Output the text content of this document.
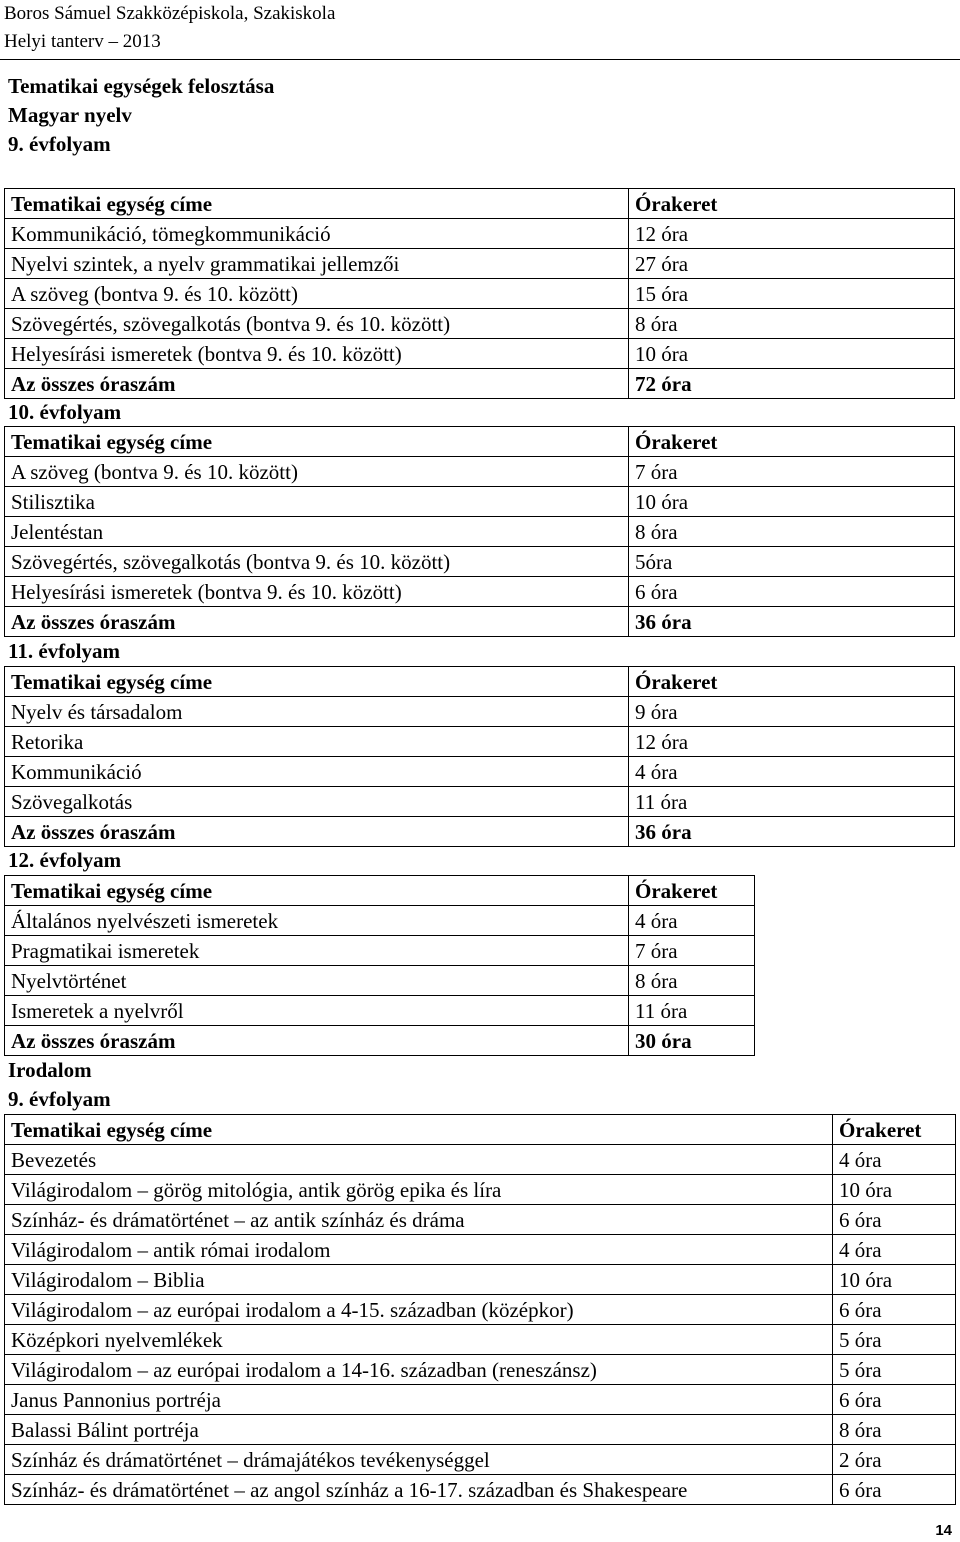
Boros Sámuel Szakközépiskola, Szakiskola
Helyi tanterv – 2013
Tematikai egységek felosztása
Magyar nyelv
9. évfolyam
Tematikai egység címe	Órakeret
Kommunikáció, tömegkommunikáció	12 óra
Nyelvi szintek, a nyelv grammatikai jellemzői	27 óra
A szöveg (bontva 9. és 10. között)	15 óra
Szövegértés, szövegalkotás (bontva 9. és 10. között)	8 óra
Helyesírási ismeretek (bontva 9. és 10. között)	10 óra
Az összes óraszám	72 óra
10. évfolyam
Tematikai egység címe	Órakeret
A szöveg (bontva 9. és 10. között)	7 óra
Stilisztika	10 óra
Jelentéstan	8 óra
Szövegértés, szövegalkotás (bontva 9. és 10. között)	5óra
Helyesírási ismeretek (bontva 9. és 10. között)	6 óra
Az összes óraszám	36 óra
11. évfolyam
Tematikai egység címe	Órakeret
Nyelv és társadalom	9 óra
Retorika	12 óra
Kommunikáció	4 óra
Szövegalkotás	11 óra
Az összes óraszám	36 óra
12. évfolyam
Tematikai egység címe	Órakeret
Általános nyelvészeti ismeretek	4 óra
Pragmatikai ismeretek	7 óra
Nyelvtörténet	8 óra
Ismeretek a nyelvről	11 óra
Az összes óraszám	30 óra
Irodalom
9. évfolyam
Tematikai egység címe	Órakeret
Bevezetés	4 óra
Világirodalom – görög mitológia, antik görög epika és líra	10 óra
Színház- és drámatörténet – az antik színház és dráma	6 óra
Világirodalom – antik római irodalom	4 óra
Világirodalom – Biblia	10 óra
Világirodalom – az európai irodalom a 4-15. században (középkor)	6 óra
Középkori nyelvemlékek	5 óra
Világirodalom – az európai irodalom a 14-16. században (reneszánsz)	5 óra
Janus Pannonius portréja	6 óra
Balassi Bálint portréja	8 óra
Színház és drámatörténet – drámajátékos tevékenységgel	2 óra
Színház- és drámatörténet – az angol színház a 16-17. században és Shakespeare	6 óra
14
